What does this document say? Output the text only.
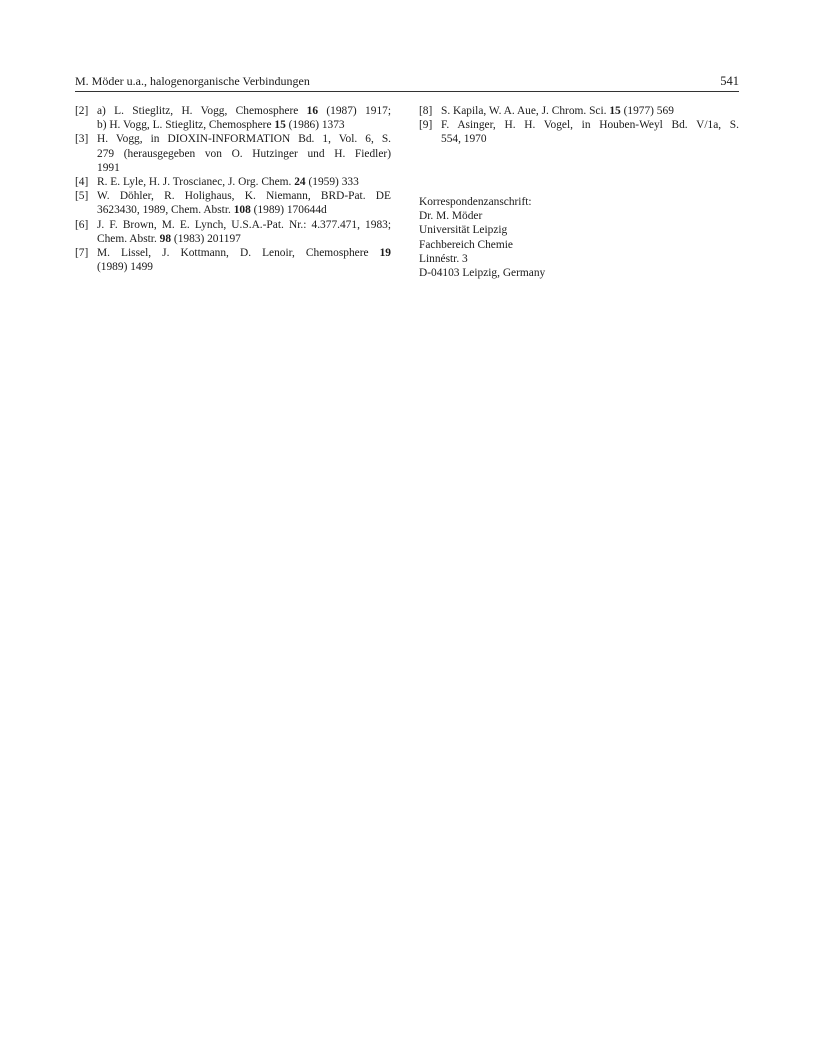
M. Möder u.a., halogenorganische Verbindungen	541
[2] a) L. Stieglitz, H. Vogg, Chemosphere 16 (1987) 1917;
b) H. Vogg, L. Stieglitz, Chemosphere 15 (1986) 1373
[3] H. Vogg, in DIOXIN-INFORMATION Bd. 1, Vol. 6, S.
279 (herausgegeben von O. Hutzinger und H. Fiedler)
1991
[4] R. E. Lyle, H. J. Troscianec, J. Org. Chem. 24 (1959) 333
[5] W. Döhler, R. Holighaus, K. Niemann, BRD-Pat. DE
3623430, 1989, Chem. Abstr. 108 (1989) 170644d
[6] J. F. Brown, M. E. Lynch, U.S.A.-Pat. Nr.: 4.377.471, 1983;
Chem. Abstr. 98 (1983) 201197
[7] M. Lissel, J. Kottmann, D. Lenoir, Chemosphere 19
(1989) 1499
[8] S. Kapila, W. A. Aue, J. Chrom. Sci. 15 (1977) 569
[9] F. Asinger, H. H. Vogel, in Houben-Weyl Bd. V/1a, S.
554, 1970
Korrespondenzanschrift:
Dr. M. Möder
Universität Leipzig
Fachbereich Chemie
Linnéstr. 3
D-04103 Leipzig, Germany
